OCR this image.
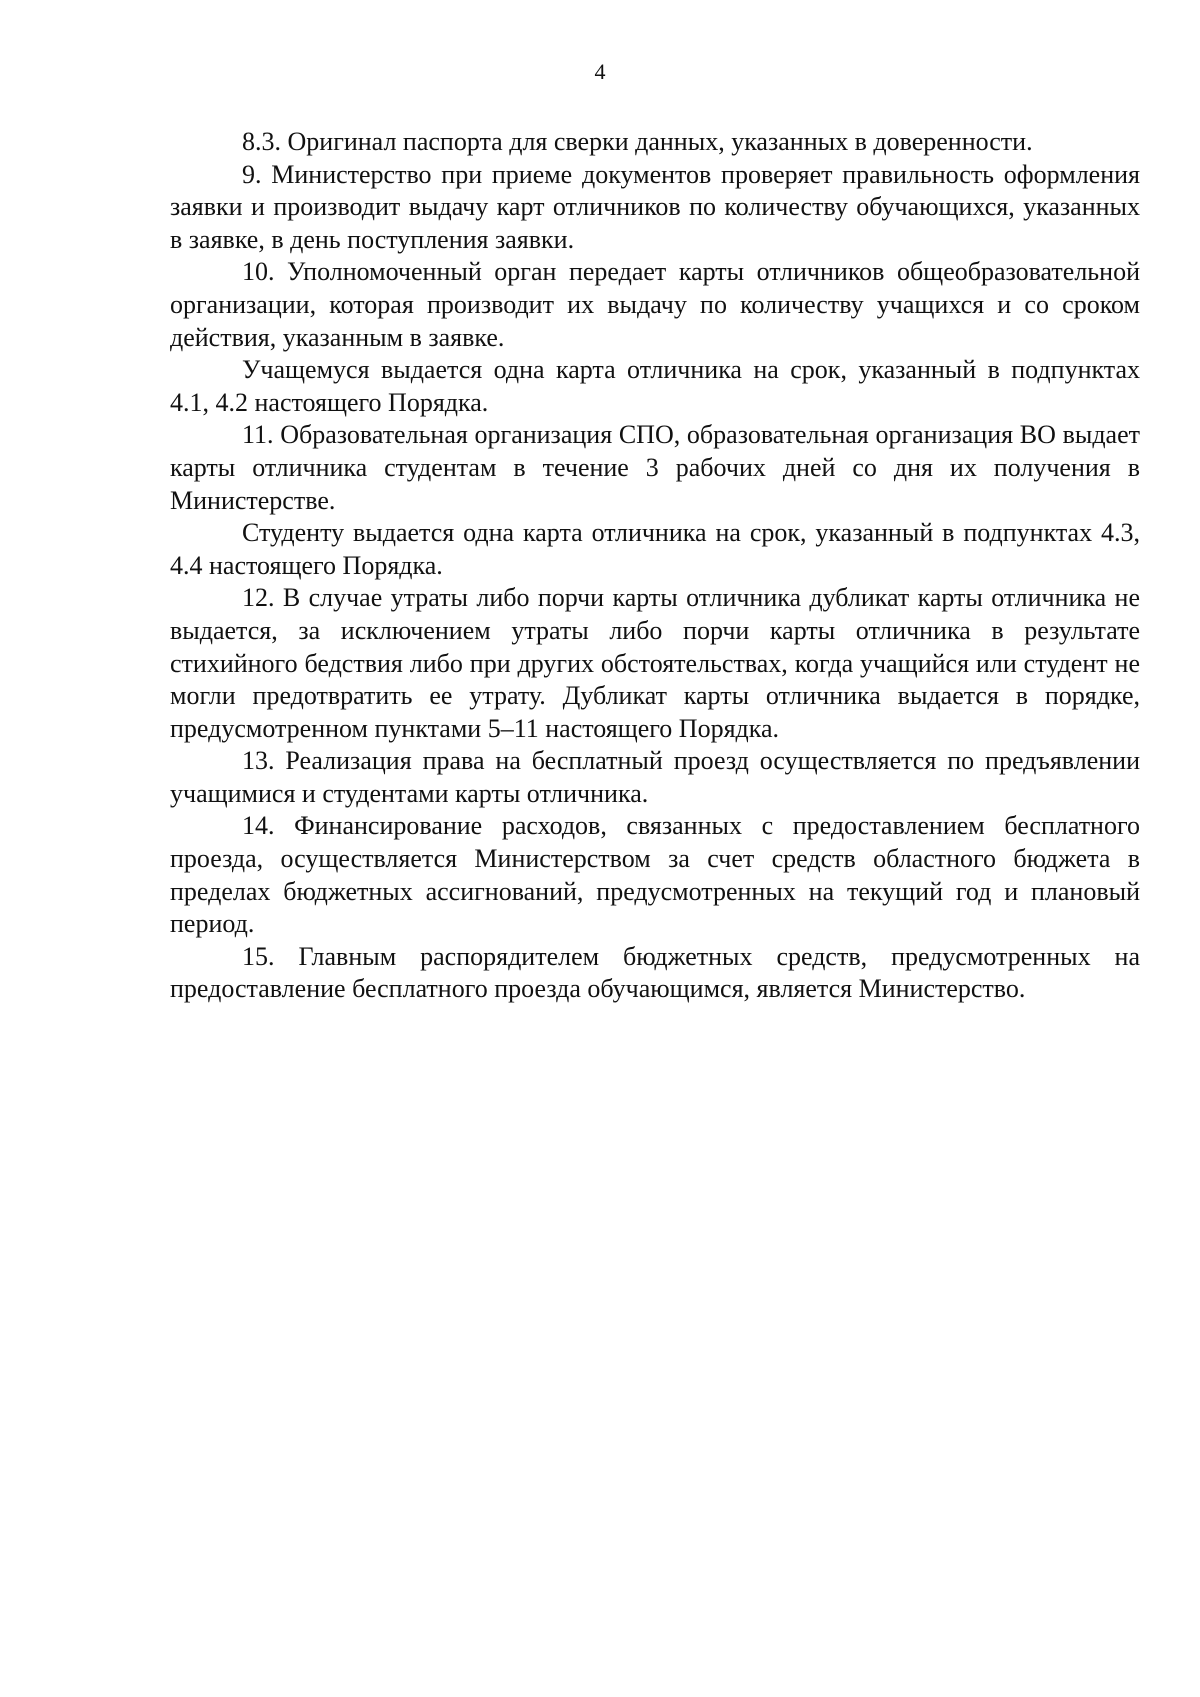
4

8.3. Оригинал паспорта для сверки данных, указанных в доверенности.

9. Министерство при приеме документов проверяет правильность оформления заявки и производит выдачу карт отличников по количеству обучающихся, указанных в заявке, в день поступления заявки.

10. Уполномоченный орган передает карты отличников общеобразовательной организации, которая производит их выдачу по количеству учащихся и со сроком действия, указанным в заявке.

Учащемуся выдается одна карта отличника на срок, указанный в подпунктах 4.1, 4.2 настоящего Порядка.

11. Образовательная организация СПО, образовательная организация ВО выдает карты отличника студентам в течение 3 рабочих дней со дня их получения в Министерстве.

Студенту выдается одна карта отличника на срок, указанный в подпунктах 4.3, 4.4 настоящего Порядка.

12. В случае утраты либо порчи карты отличника дубликат карты отличника не выдается, за исключением утраты либо порчи карты отличника в результате стихийного бедствия либо при других обстоятельствах, когда учащийся или студент не могли предотвратить ее утрату. Дубликат карты отличника выдается в порядке, предусмотренном пунктами 5–11 настоящего Порядка.

13. Реализация права на бесплатный проезд осуществляется по предъявлении учащимися и студентами карты отличника.

14. Финансирование расходов, связанных с предоставлением бесплатного проезда, осуществляется Министерством за счет средств областного бюджета в пределах бюджетных ассигнований, предусмотренных на текущий год и плановый период.

15. Главным распорядителем бюджетных средств, предусмотренных на предоставление бесплатного проезда обучающимся, является Министерство.
